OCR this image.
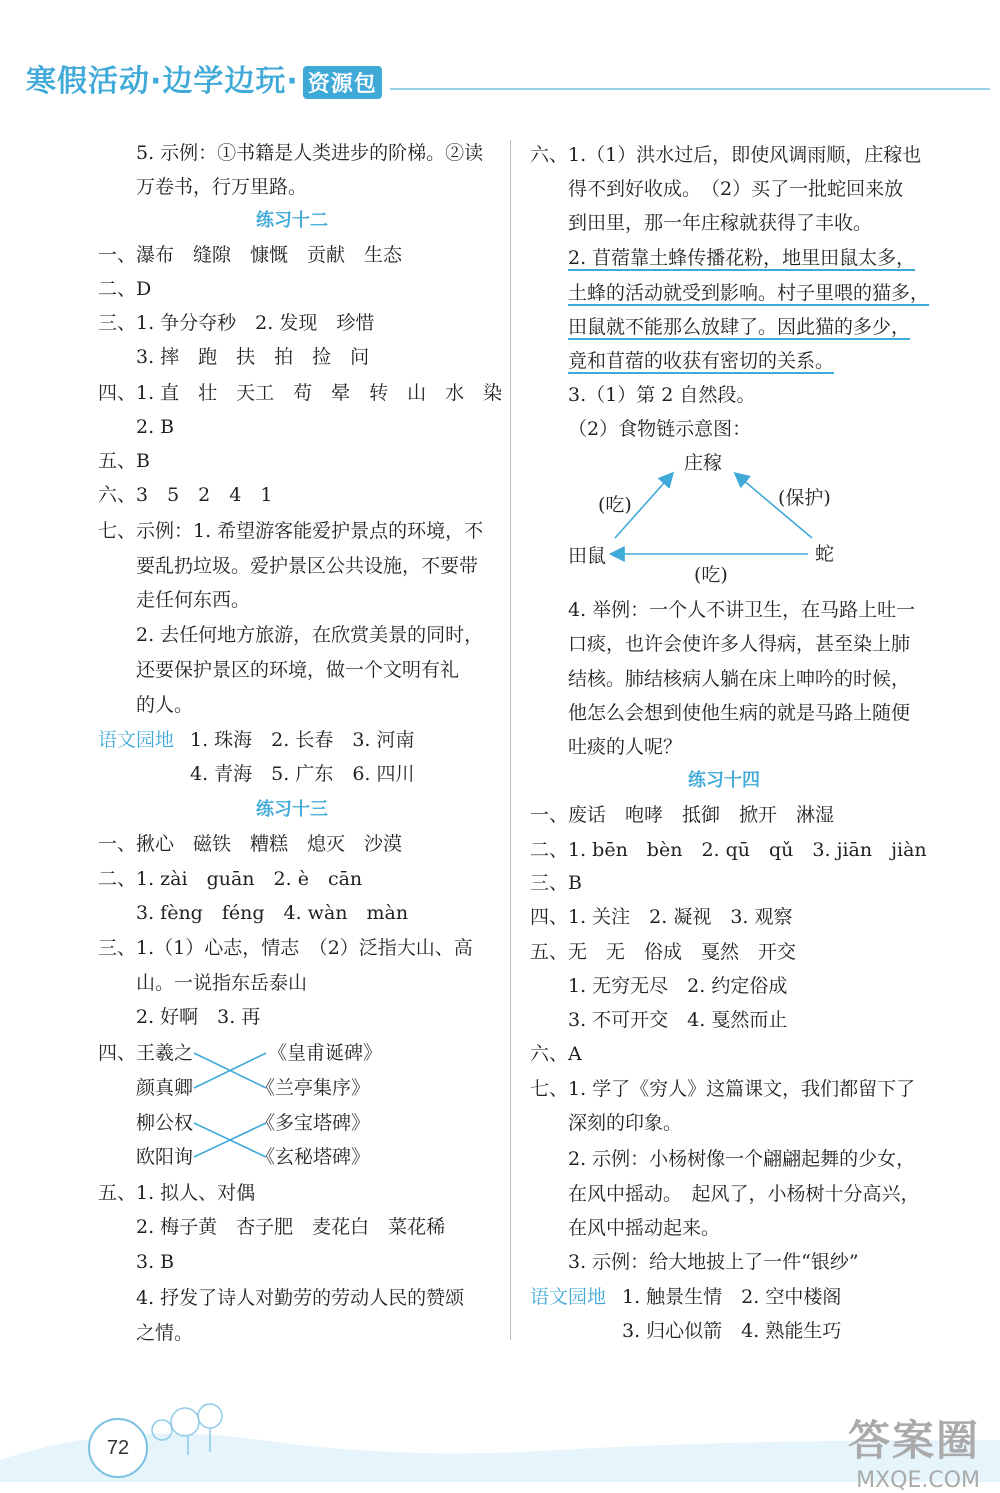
寒假活动·边学边玩· 资源包
5. 示例：①书籍是人类进步的阶梯。②读
万卷书，行万里路。
练习十二
一、瀑布　缝隙　慷慨　贡献　生态
二、D
三、1. 争分夺秒　2. 发现　珍惜
3. 摔　跑　扶　拍　捡　问
四、1. 直　壮　天工　苟　晕　转　山　水　染
2. B
五、B
六、3　5　2　4　1
七、示例：1. 希望游客能爱护景点的环境，不
要乱扔垃圾。爱护景区公共设施，不要带
走任何东西。
2. 去任何地方旅游，在欣赏美景的同时，
还要保护景区的环境，做一个文明有礼
的人。
语文园地 1. 珠海　2. 长春　3. 河南
4. 青海　5. 广东　6. 四川
练习十三
一、揪心　磁铁　糟糕　熄灭　沙漠
二、1. zài　guān　2. è　cān
3. fèng　féng　4. wàn　màn
三、1.（1）心志，情志　（2）泛指大山、高
山。一说指东岳泰山
2. 好啊　3. 再
四、 王羲之
颜真卿
柳公权
欧阳询
《皇甫诞碑》
《兰亭集序》
《多宝塔碑》
《玄秘塔碑》
五、1. 拟人、对偶
2. 梅子黄　杏子肥　麦花白　菜花稀
3. B
4. 抒发了诗人对勤劳的劳动人民的赞颂
之情。
六、1.（1）洪水过后，即使风调雨顺，庄稼也
得不到好收成。　（2）买了一批蛇回来放
到田里，那一年庄稼就获得了丰收。
2. 苜蓿靠土蜂传播花粉，地里田鼠太多，
土蜂的活动就受到影响。村子里喂的猫多，
田鼠就不能那么放肆了。因此猫的多少，
竟和苜蓿的收获有密切的关系。
3.（1）第 2 自然段。
（2）食物链示意图：
庄稼
田鼠	蛇
(吃)	(保护)
(吃)
4. 举例：一个人不讲卫生，在马路上吐一
口痰，也许会使许多人得病，甚至染上肺
结核。肺结核病人躺在床上呻吟的时候，
他怎么会想到使他生病的就是马路上随便
吐痰的人呢？
练习十四
一、废话　咆哮　抵御　掀开　淋湿
二、1. bēn　bèn　2. qū　qǔ　3. jiān　jiàn
三、B
四、1. 关注　2. 凝视　3. 观察
五、无　无　俗成　戛然　开交
1. 无穷无尽　2. 约定俗成
3. 不可开交　4. 戛然而止
六、A
七、1. 学了《穷人》这篇课文，我们都留下了
深刻的印象。
2. 示例：小杨树像一个翩翩起舞的少女，
在风中摇动。　起风了，小杨树十分高兴，
在风中摇动起来。
3. 示例：给大地披上了一件“银纱”
语文园地 1. 触景生情　2. 空中楼阁
3. 归心似箭　4. 熟能生巧
72	答案圈
MXQE.COM
